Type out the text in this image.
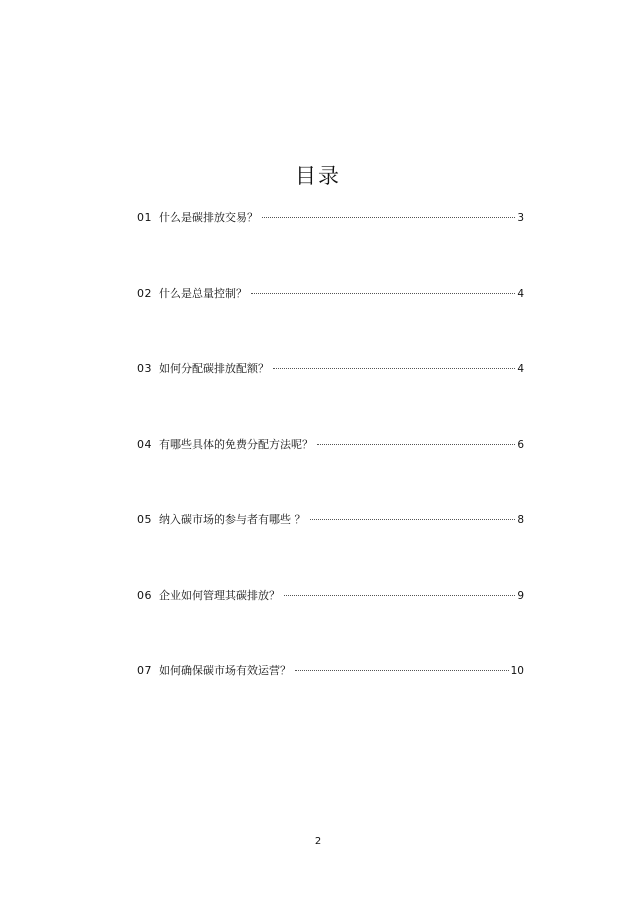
目录
01 什么是碳排放交易？	3
02 什么是总量控制？	4
03 如何分配碳排放配额？	4
04 有哪些具体的免费分配方法呢？	6
05 纳入碳市场的参与者有哪些 ？	8
06 企业如何管理其碳排放？	9
07 如何确保碳市场有效运营？	10
2
